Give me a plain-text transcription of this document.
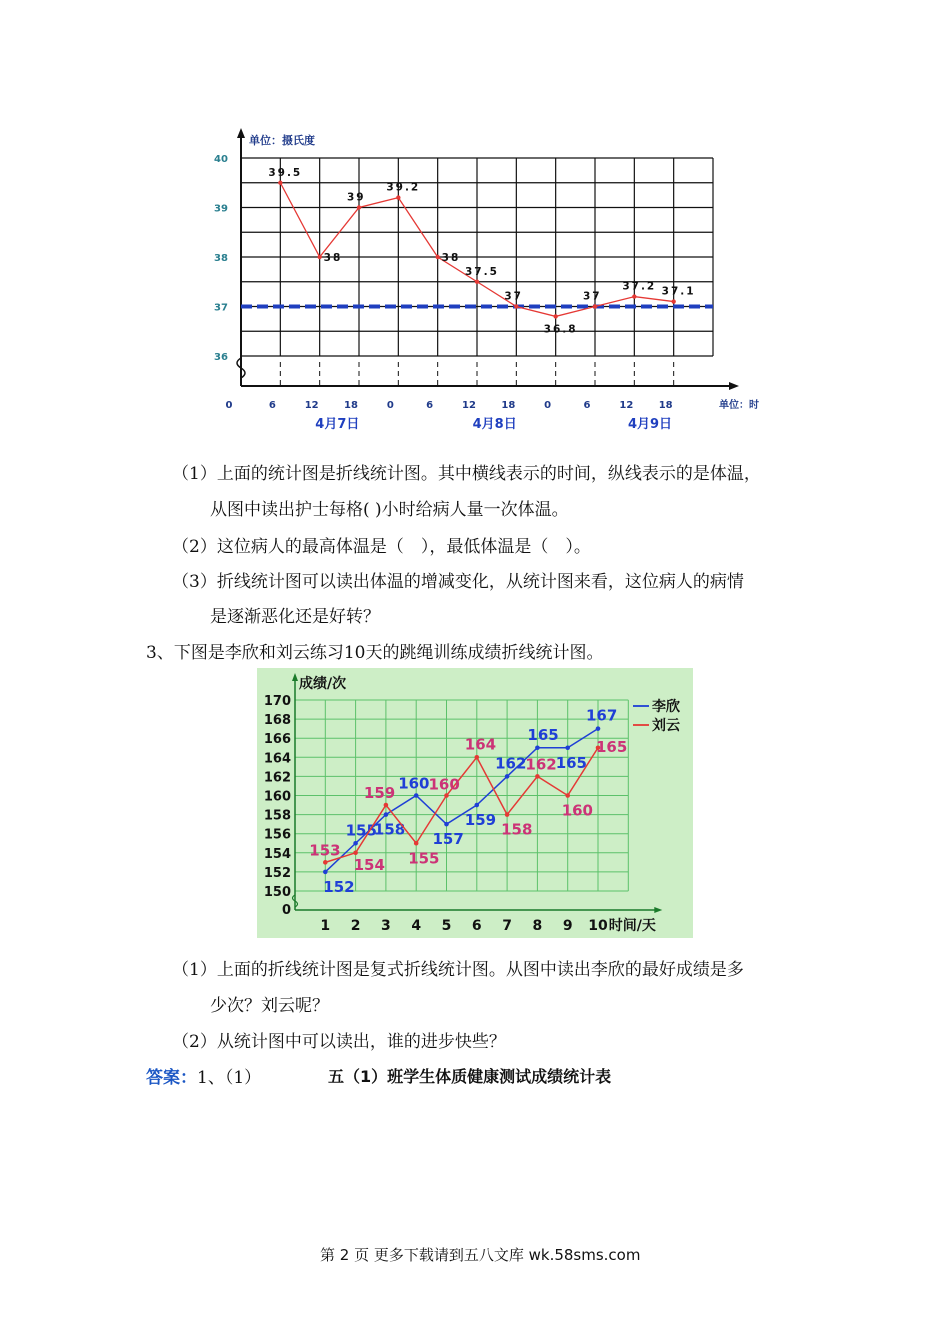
单位：摄氏度
40
39
38
37
36
0	6	12	18	0	6	12	18	0	6	12	18	单位：时
4月7日	4月8日	4月9日
39.5
38
39
39.2
38
37.5
37
36.8
37
37.2 37.1
（1）上面的统计图是折线统计图。其中横线表示的时间，纵线表示的是体温，
从图中读出护士每格( )小时给病人量一次体温。
（2）这位病人的最高体温是（　），最低体温是（　）。
（3）折线统计图可以读出体温的增减变化，从统计图来看，这位病人的病情
是逐渐恶化还是好转？
3、下图是李欣和刘云练习10天的跳绳训练成绩折线统计图。
成绩/次
170
168
166
164
162
160
158
156
154
152
150
0
1 2 3 4 5 6 7 8 9 10 时间/天
李欣
刘云
152
155
158
160
157
159
162
165
165
167
153
154
159
155
160
164
158
162
160
165
（1）上面的折线统计图是复式折线统计图。从图中读出李欣的最好成绩是多
少次？刘云呢？
（2）从统计图中可以读出，谁的进步快些？
答案：1、（1）	五（1）班学生体质健康测试成绩统计表
第 2 页 更多下载请到五八文库 wk.58sms.com
